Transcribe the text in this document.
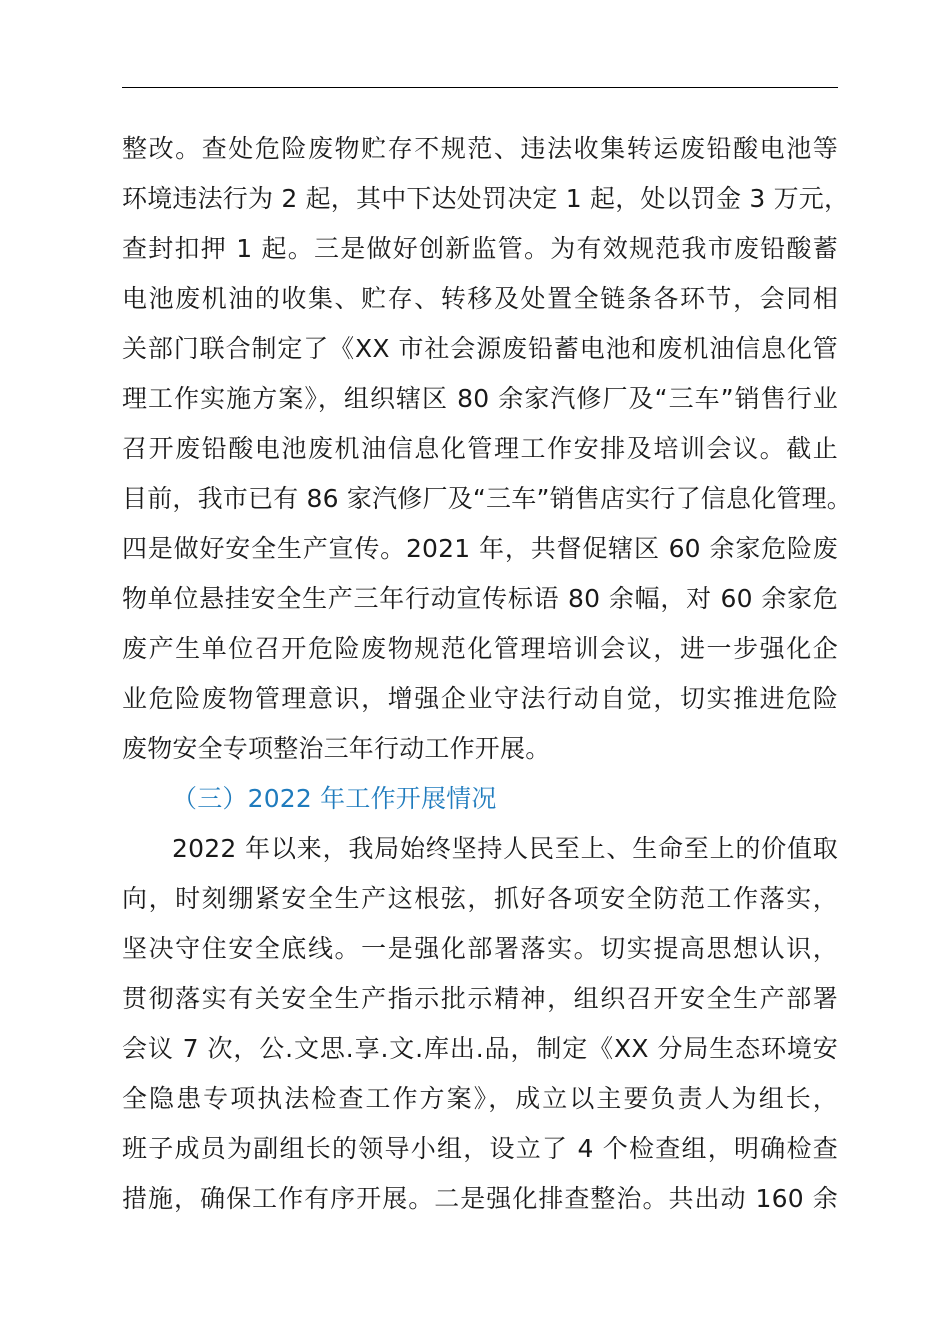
整改。查处危险废物贮存不规范、违法收集转运废铅酸电池等
环境违法行为 2 起，其中下达处罚决定 1 起，处以罚金 3 万元，
查封扣押 1 起。三是做好创新监管。为有效规范我市废铅酸蓄
电池废机油的收集、贮存、转移及处置全链条各环节，会同相
关部门联合制定了《XX 市社会源废铅蓄电池和废机油信息化管
理工作实施方案》，组织辖区 80 余家汽修厂及“三车”销售行业
召开废铅酸电池废机油信息化管理工作安排及培训会议。截止
目前，我市已有 86 家汽修厂及“三车”销售店实行了信息化管理。
四是做好安全生产宣传。2021 年，共督促辖区 60 余家危险废
物单位悬挂安全生产三年行动宣传标语 80 余幅，对 60 余家危
废产生单位召开危险废物规范化管理培训会议，进一步强化企
业危险废物管理意识，增强企业守法行动自觉，切实推进危险
废物安全专项整治三年行动工作开展。
（三）2022 年工作开展情况
2022 年以来，我局始终坚持人民至上、生命至上的价值取
向，时刻绷紧安全生产这根弦，抓好各项安全防范工作落实，
坚决守住安全底线。一是强化部署落实。切实提高思想认识，
贯彻落实有关安全生产指示批示精神，组织召开安全生产部署
会议 7 次，公.文思.享.文.库出.品，制定《XX 分局生态环境安
全隐患专项执法检查工作方案》，成立以主要负责人为组长，
班子成员为副组长的领导小组，设立了 4 个检查组，明确检查
措施，确保工作有序开展。二是强化排查整治。共出动 160 余
